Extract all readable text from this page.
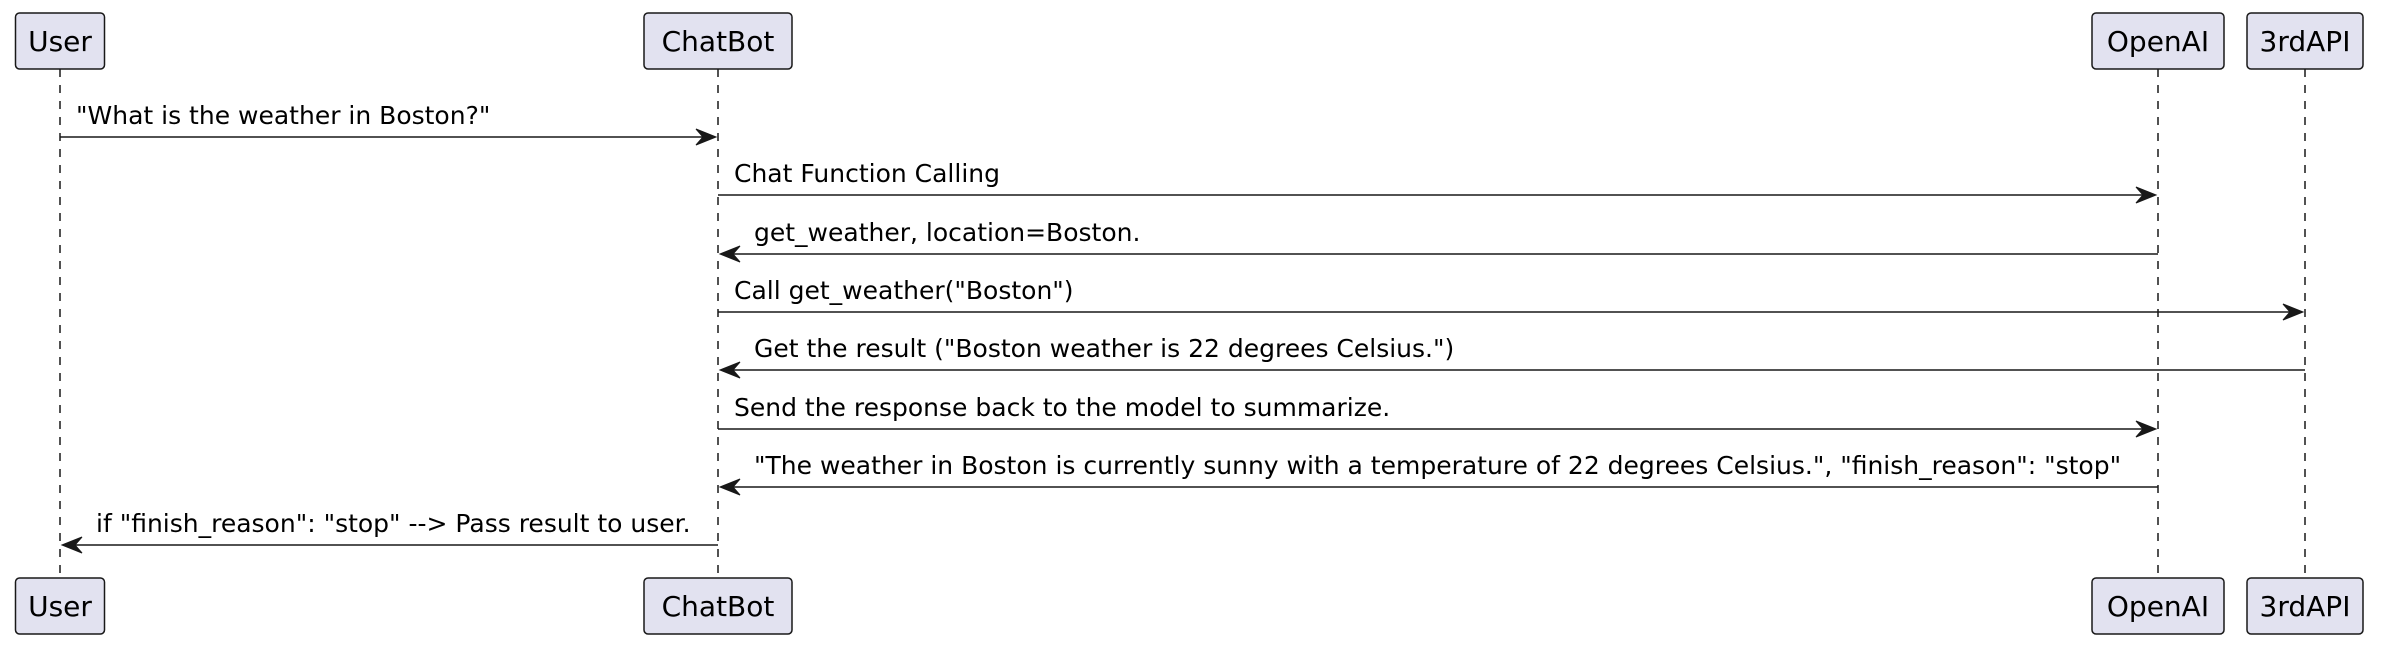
"What is the weather in Boston?"
Chat Function Calling
get_weather, location=Boston.
Call get_weather("Boston")
Get the result ("Boston weather is 22 degrees Celsius.")
Send the response back to the model to summarize.
"The weather in Boston is currently sunny with a temperature of 22 degrees Celsius.", "finish_reason": "stop"
if "finish_reason": "stop" --> Pass result to user.
User
User
ChatBot
ChatBot
OpenAI
OpenAI
3rdAPI
3rdAPI
